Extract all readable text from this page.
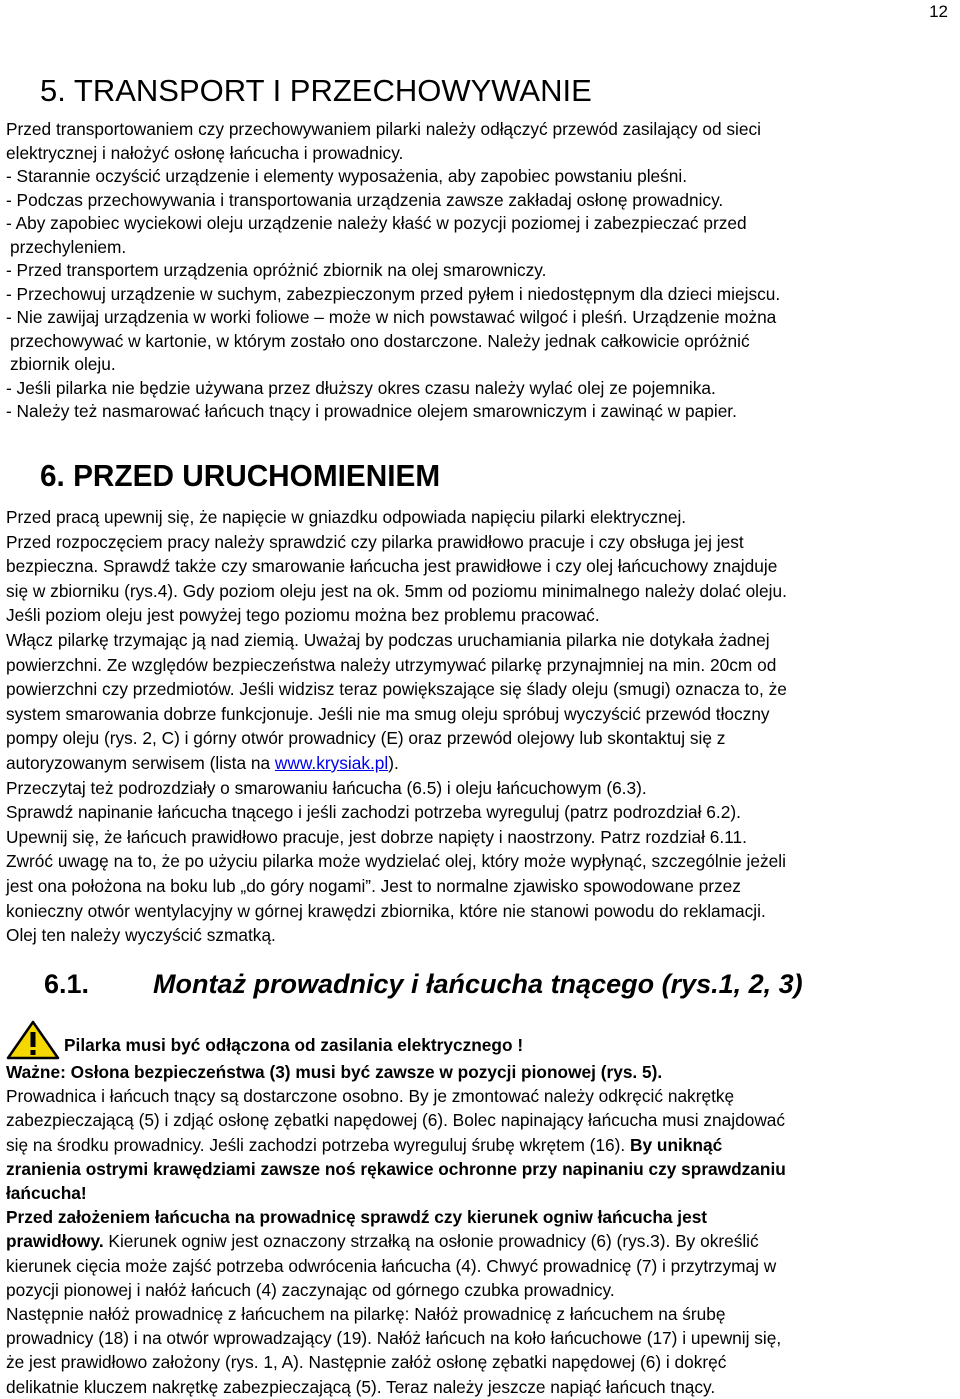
12
5. TRANSPORT I PRZECHOWYWANIE

Przed transportowaniem czy przechowywaniem pilarki należy odłączyć przewód zasilający od sieci

elektrycznej i nałożyć osłonę łańcucha i prowadnicy.

- Starannie oczyścić urządzenie i elementy wyposażenia, aby zapobiec powstaniu pleśni.

- Podczas przechowywania i transportowania urządzenia zawsze zakładaj osłonę prowadnicy.

- Aby zapobiec wyciekowi oleju urządzenie należy kłaść w pozycji poziomej i zabezpieczać przed

przechyleniem.

- Przed transportem urządzenia opróżnić zbiornik na olej smarowniczy.

- Przechowuj urządzenie w suchym, zabezpieczonym przed pyłem i niedostępnym dla dzieci miejscu.

- Nie zawijaj urządzenia w worki foliowe – może w nich powstawać wilgoć i pleśń. Urządzenie można

przechowywać w kartonie, w którym zostało ono dostarczone. Należy jednak całkowicie opróżnić

zbiornik oleju.

- Jeśli pilarka nie będzie używana przez dłuższy okres czasu należy wylać olej ze pojemnika.

- Należy też nasmarować łańcuch tnący i prowadnice olejem smarowniczym i zawinąć w papier.

6. PRZED URUCHOMIENIEM

Przed pracą upewnij się, że napięcie w gniazdku odpowiada napięciu pilarki elektrycznej.

Przed rozpoczęciem pracy należy sprawdzić czy pilarka prawidłowo pracuje i czy obsługa jej jest

bezpieczna. Sprawdź także czy smarowanie łańcucha jest prawidłowe i czy olej łańcuchowy znajduje

się w zbiorniku (rys.4). Gdy poziom oleju jest na ok. 5mm od poziomu minimalnego należy dolać oleju.

Jeśli poziom oleju jest powyżej tego poziomu można bez problemu pracować.

Włącz pilarkę trzymając ją nad ziemią. Uważaj by podczas uruchamiania pilarka nie dotykała żadnej

powierzchni. Ze względów bezpieczeństwa należy utrzymywać pilarkę przynajmniej na min. 20cm od

powierzchni czy przedmiotów. Jeśli widzisz teraz powiększające się ślady oleju (smugi) oznacza to, że

system smarowania dobrze funkcjonuje. Jeśli nie ma smug oleju spróbuj wyczyścić przewód tłoczny

pompy oleju (rys. 2, C) i górny otwór prowadnicy (E) oraz przewód olejowy lub skontaktuj się z

autoryzowanym serwisem (lista na www.krysiak.pl).

Przeczytaj też podrozdziały o smarowaniu łańcucha (6.5) i oleju łańcuchowym (6.3).

Sprawdź napinanie łańcucha tnącego i jeśli zachodzi potrzeba wyreguluj (patrz podrozdział 6.2).

Upewnij się, że łańcuch prawidłowo pracuje, jest dobrze napięty i naostrzony. Patrz rozdział 6.11.

Zwróć uwagę na to, że po użyciu pilarka może wydzielać olej, który może wypłynąć, szczególnie jeżeli

jest ona położona na boku lub „do góry nogami”. Jest to normalne zjawisko spowodowane przez

konieczny otwór wentylacyjny w górnej krawędzi zbiornika, które nie stanowi powodu do reklamacji.

Olej ten należy wyczyścić szmatką.

6.1. Montaż prowadnicy i łańcucha tnącego (rys.1, 2, 3)
Pilarka musi być odłączona od zasilania elektrycznego !

Ważne: Osłona bezpieczeństwa (3) musi być zawsze w pozycji pionowej (rys. 5).

Prowadnica i łańcuch tnący są dostarczone osobno. By je zmontować należy odkręcić nakrętkę

zabezpieczającą (5) i zdjąć osłonę zębatki napędowej (6). Bolec napinający łańcucha musi znajdować

się na środku prowadnicy. Jeśli zachodzi potrzeba wyreguluj śrubę wkrętem (16). By uniknąć

zranienia ostrymi krawędziami zawsze noś rękawice ochronne przy napinaniu czy sprawdzaniu

łańcucha!

Przed założeniem łańcucha na prowadnicę sprawdź czy kierunek ogniw łańcucha jest

prawidłowy. Kierunek ogniw jest oznaczony strzałką na osłonie prowadnicy (6) (rys.3). By określić

kierunek cięcia może zajść potrzeba odwrócenia łańcucha (4). Chwyć prowadnicę (7) i przytrzymaj w

pozycji pionowej i nałóż łańcuch (4) zaczynając od górnego czubka prowadnicy.

Następnie nałóż prowadnicę z łańcuchem na pilarkę: Nałóż prowadnicę z łańcuchem na śrubę

prowadnicy (18) i na otwór wprowadzający (19). Nałóż łańcuch na koło łańcuchowe (17) i upewnij się,

że jest prawidłowo założony (rys. 1, A). Następnie załóż osłonę zębatki napędowej (6) i dokręć

delikatnie kluczem nakrętkę zabezpieczającą (5). Teraz należy jeszcze napiąć łańcuch tnący.
